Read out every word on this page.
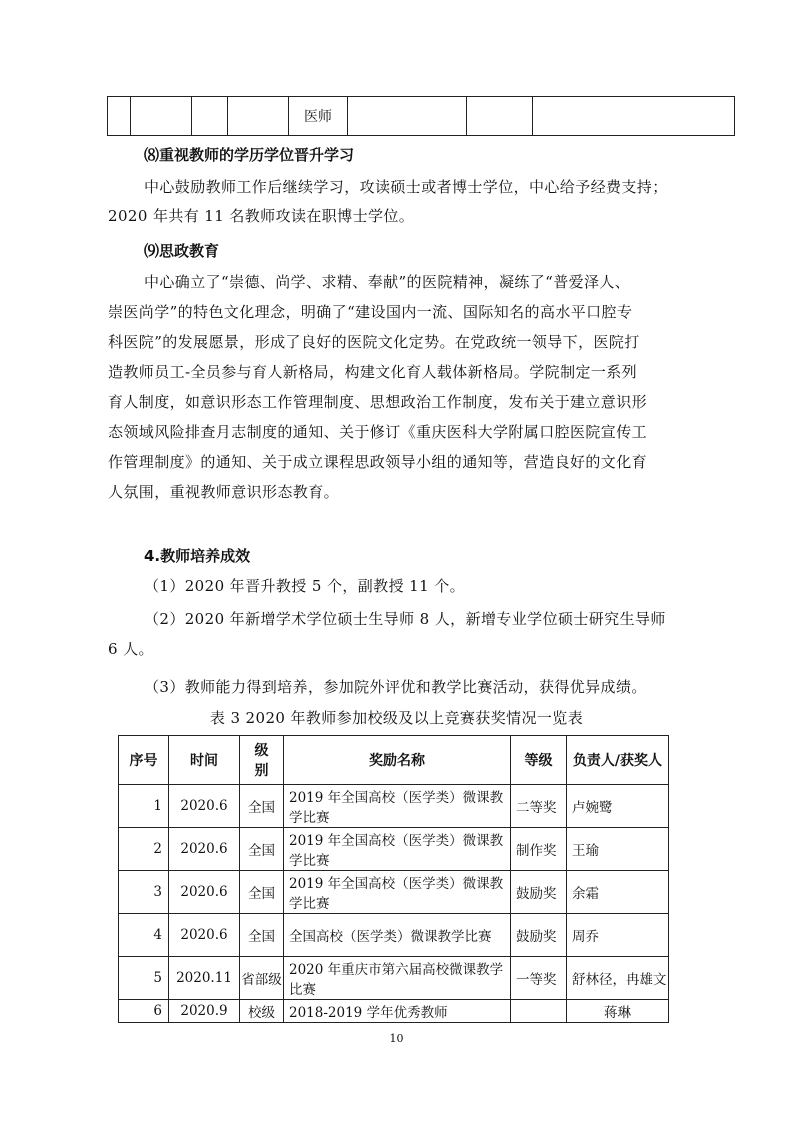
				医师			
⑻重视教师的学历学位晋升学习
中心鼓励教师工作后继续学习，攻读硕士或者博士学位，中心给予经费支持；
2020 年共有 11 名教师攻读在职博士学位。
⑼思政教育
中心确立了“崇德、尚学、求精、奉献”的医院精神，凝练了“普爱泽人、
崇医尚学”的特色文化理念，明确了“建设国内一流、国际知名的高水平口腔专
科医院”的发展愿景，形成了良好的医院文化定势。在党政统一领导下，医院打
造教师员工-全员参与育人新格局，构建文化育人载体新格局。学院制定一系列
育人制度，如意识形态工作管理制度、思想政治工作制度，发布关于建立意识形
态领域风险排查月志制度的通知、关于修订《重庆医科大学附属口腔医院宣传工
作管理制度》的通知、关于成立课程思政领导小组的通知等，营造良好的文化育
人氛围，重视教师意识形态教育。
4.教师培养成效
（1）2020 年晋升教授 5 个，副教授 11 个。
（2）2020 年新增学术学位硕士生导师 8 人，新增专业学位硕士研究生导师
6 人。
（3）教师能力得到培养，参加院外评优和教学比赛活动，获得优异成绩。
表 3 2020 年教师参加校级及以上竞赛获奖情况一览表
序号	时间	级别	奖励名称	等级	负责人/获奖人
1	2020.6	全国	2019 年全国高校（医学类）微课教学比赛	二等奖	卢婉鹭
2	2020.6	全国	2019 年全国高校（医学类）微课教学比赛	制作奖	王瑜
3	2020.6	全国	2019 年全国高校（医学类）微课教学比赛	鼓励奖	余霜
4	2020.6	全国	全国高校（医学类）微课教学比赛	鼓励奖	周乔
5	2020.11	省部级	2020 年重庆市第六届高校微课教学比赛	一等奖	舒林径，冉雄文
6	2020.9	校级	2018-2019 学年优秀教师		蒋琳
10
